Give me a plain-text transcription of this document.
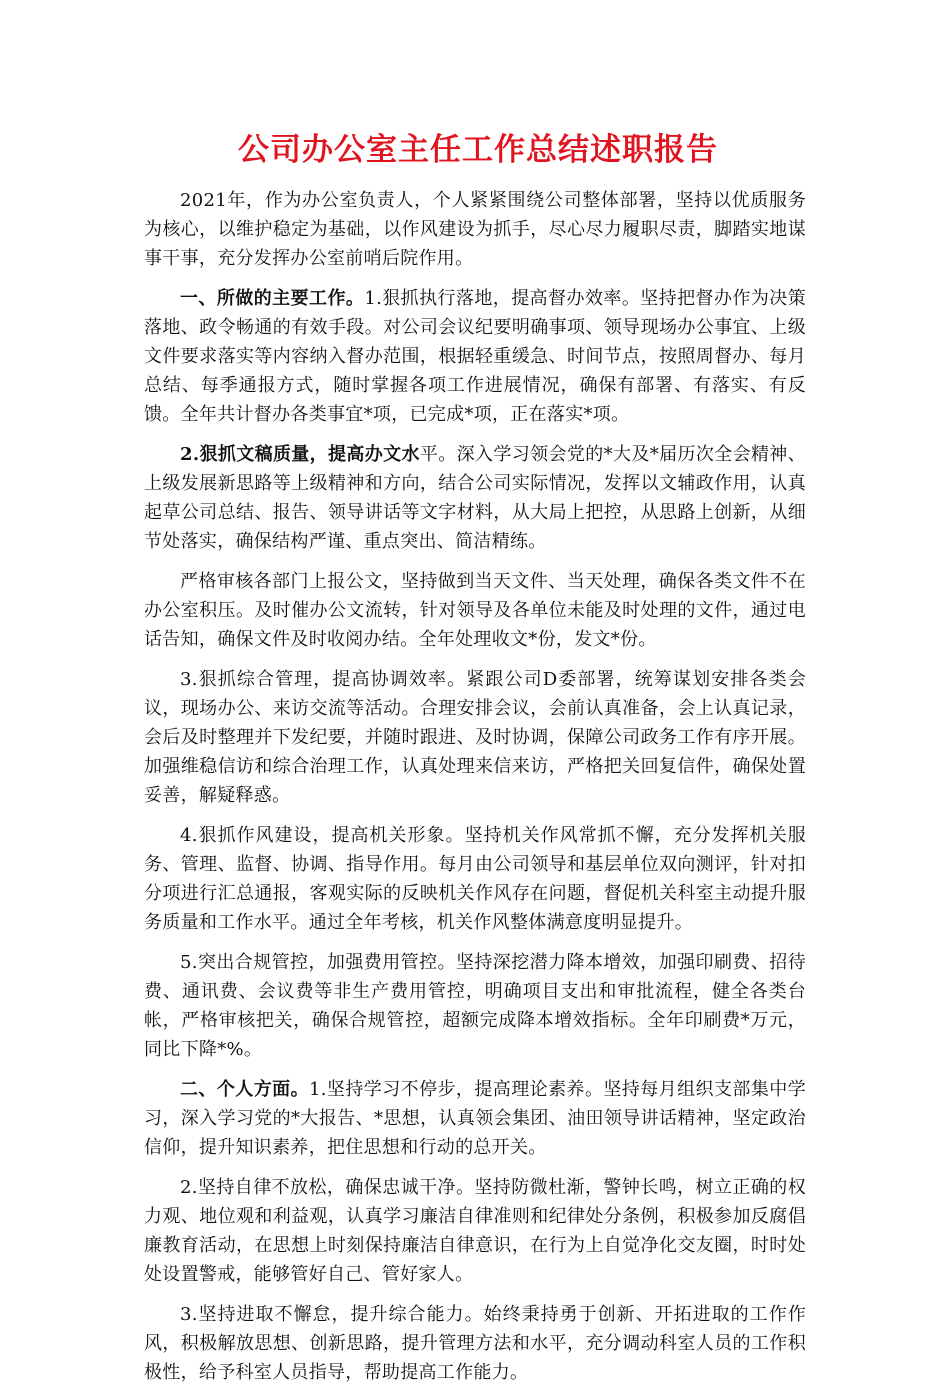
公司办公室主任工作总结述职报告

2021年，作为办公室负责人，个人紧紧围绕公司整体部署，坚持以优质服务为核心，以维护稳定为基础，以作风建设为抓手，尽心尽力履职尽责，脚踏实地谋事干事，充分发挥办公室前哨后院作用。

一、所做的主要工作。1.狠抓执行落地，提高督办效率。坚持把督办作为决策落地、政令畅通的有效手段。对公司会议纪要明确事项、领导现场办公事宜、上级文件要求落实等内容纳入督办范围，根据轻重缓急、时间节点，按照周督办、每月总结、每季通报方式，随时掌握各项工作进展情况，确保有部署、有落实、有反馈。全年共计督办各类事宜*项，已完成*项，正在落实*项。

2.狠抓文稿质量，提高办文水平。深入学习领会党的*大及*届历次全会精神、上级发展新思路等上级精神和方向，结合公司实际情况，发挥以文辅政作用，认真起草公司总结、报告、领导讲话等文字材料，从大局上把控，从思路上创新，从细节处落实，确保结构严谨、重点突出、简洁精练。

严格审核各部门上报公文，坚持做到当天文件、当天处理，确保各类文件不在办公室积压。及时催办公文流转，针对领导及各单位未能及时处理的文件，通过电话告知，确保文件及时收阅办结。全年处理收文*份，发文*份。

3.狠抓综合管理，提高协调效率。紧跟公司D委部署，统筹谋划安排各类会议，现场办公、来访交流等活动。合理安排会议，会前认真准备，会上认真记录，会后及时整理并下发纪要，并随时跟进、及时协调，保障公司政务工作有序开展。加强维稳信访和综合治理工作，认真处理来信来访，严格把关回复信件，确保处置妥善，解疑释惑。

4.狠抓作风建设，提高机关形象。坚持机关作风常抓不懈，充分发挥机关服务、管理、监督、协调、指导作用。每月由公司领导和基层单位双向测评，针对扣分项进行汇总通报，客观实际的反映机关作风存在问题，督促机关科室主动提升服务质量和工作水平。通过全年考核，机关作风整体满意度明显提升。

5.突出合规管控，加强费用管控。坚持深挖潜力降本增效，加强印刷费、招待费、通讯费、会议费等非生产费用管控，明确项目支出和审批流程，健全各类台帐，严格审核把关，确保合规管控，超额完成降本增效指标。全年印刷费*万元，同比下降*%。

二、个人方面。1.坚持学习不停步，提高理论素养。坚持每月组织支部集中学习，深入学习党的*大报告、*思想，认真领会集团、油田领导讲话精神，坚定政治信仰，提升知识素养，把住思想和行动的总开关。

2.坚持自律不放松，确保忠诚干净。坚持防微杜渐，警钟长鸣，树立正确的权力观、地位观和利益观，认真学习廉洁自律准则和纪律处分条例，积极参加反腐倡廉教育活动，在思想上时刻保持廉洁自律意识，在行为上自觉净化交友圈，时时处处设置警戒，能够管好自己、管好家人。

3.坚持进取不懈怠，提升综合能力。始终秉持勇于创新、开拓进取的工作作风，积极解放思想、创新思路，提升管理方法和水平，充分调动科室人员的工作积极性，给予科室人员指导，帮助提高工作能力。
